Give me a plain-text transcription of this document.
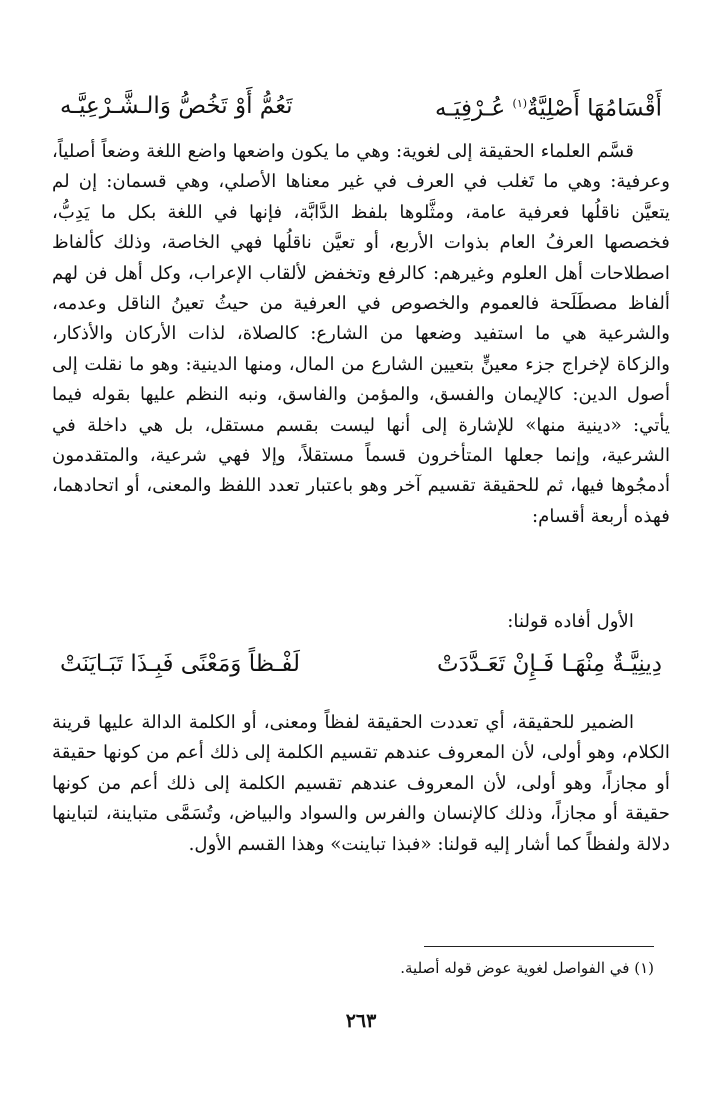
أَقْسَامُهَا أَصْلِيَّةٌ$^{(١)}$ عُـرْفِيَـه
تَعُمُّ أَوْ تَخُصُّ وَالـشَّـرْعِيَّـه

قسَّم العلماء الحقيقة إلى لغوية: وهي ما يكون واضعها واضع اللغة وضعاً أصلياً، وعرفية: وهي ما تَغلب في العرف في غير معناها الأصلي، وهي قسمان: إن لم يتعيَّن ناقلُها فعرفية عامة، ومثَّلوها بلفظ الدَّابَّة، فإنها في اللغة بكل ما يَدِبُّ، فخصصها العرفُ العام بذوات الأربع، أو تعيَّن ناقلُها فهي الخاصة، وذلك كألفاظ اصطلاحات أهل العلوم وغيرهم: كالرفع وتخفض لألقاب الإعراب، وكل أهل فن لهم ألفاظ مصطَلَحة فالعموم والخصوص في العرفية من حيثُ تعينُ الناقل وعدمه، والشرعية هي ما استفيد وضعها من الشارع: كالصلاة، لذات الأركان والأذكار، والزكاة لإخراج جزء معينٍّ بتعيين الشارع من المال، ومنها الدينية: وهو ما نقلت إلى أصول الدين: كالإيمان والفسق، والمؤمن والفاسق، ونبه النظم عليها بقوله فيما يأتي: «دينية منها» للإشارة إلى أنها ليست بقسم مستقل، بل هي داخلة في الشرعية، وإنما جعلها المتأخرون قسماً مستقلاً، وإلا فهي شرعية، والمتقدمون أدمجُوها فيها، ثم للحقيقة تقسيم آخر وهو باعتبار تعدد اللفظ والمعنى، أو اتحادهما، فهذه أربعة أقسام:

الأول أفاده قولنا:

دِينِيَّـةٌ مِنْهَـا فَـإِنْ تَعَـدَّدَتْ
لَفْـظاً وَمَعْنًى فَبِـذَا تَبَـايَنَتْ

الضمير للحقيقة، أي تعددت الحقيقة لفظاً ومعنى، أو الكلمة الدالة عليها قرينة الكلام، وهو أولى، لأن المعروف عندهم تقسيم الكلمة إلى ذلك أعم من كونها حقيقة أو مجازاً، وهو أولى، لأن المعروف عندهم تقسيم الكلمة إلى ذلك أعم من كونها حقيقة أو مجازاً، وذلك كالإنسان والفرس والسواد والبياض، وتُسَمَّى متباينة، لتباينها دلالة ولفظاً كما أشار إليه قولنا: «فبذا تباينت» وهذا القسم الأول.

(١) في الفواصل لغوية عوض قوله أصلية.

٢٦٣
